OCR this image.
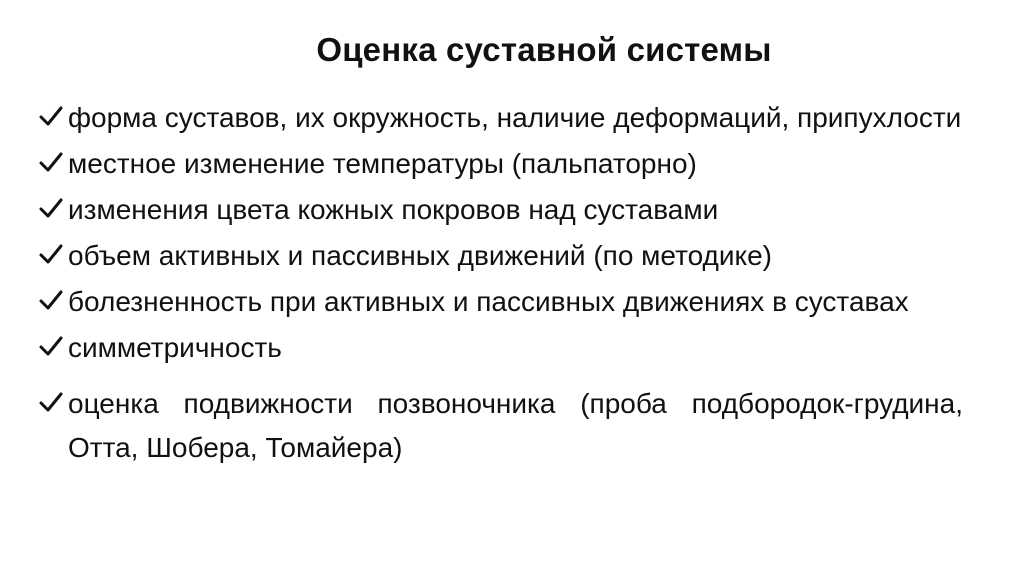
Оценка суставной системы
форма суставов, их окружность, наличие деформаций, припухлости
местное изменение температуры (пальпаторно)
изменения цвета кожных покровов над суставами
объем активных и пассивных движений (по методике)
болезненность при активных и пассивных движениях в суставах
симметричность
оценка подвижности позвоночника (проба подбородок-грудина, Отта, Шобера, Томайера)
